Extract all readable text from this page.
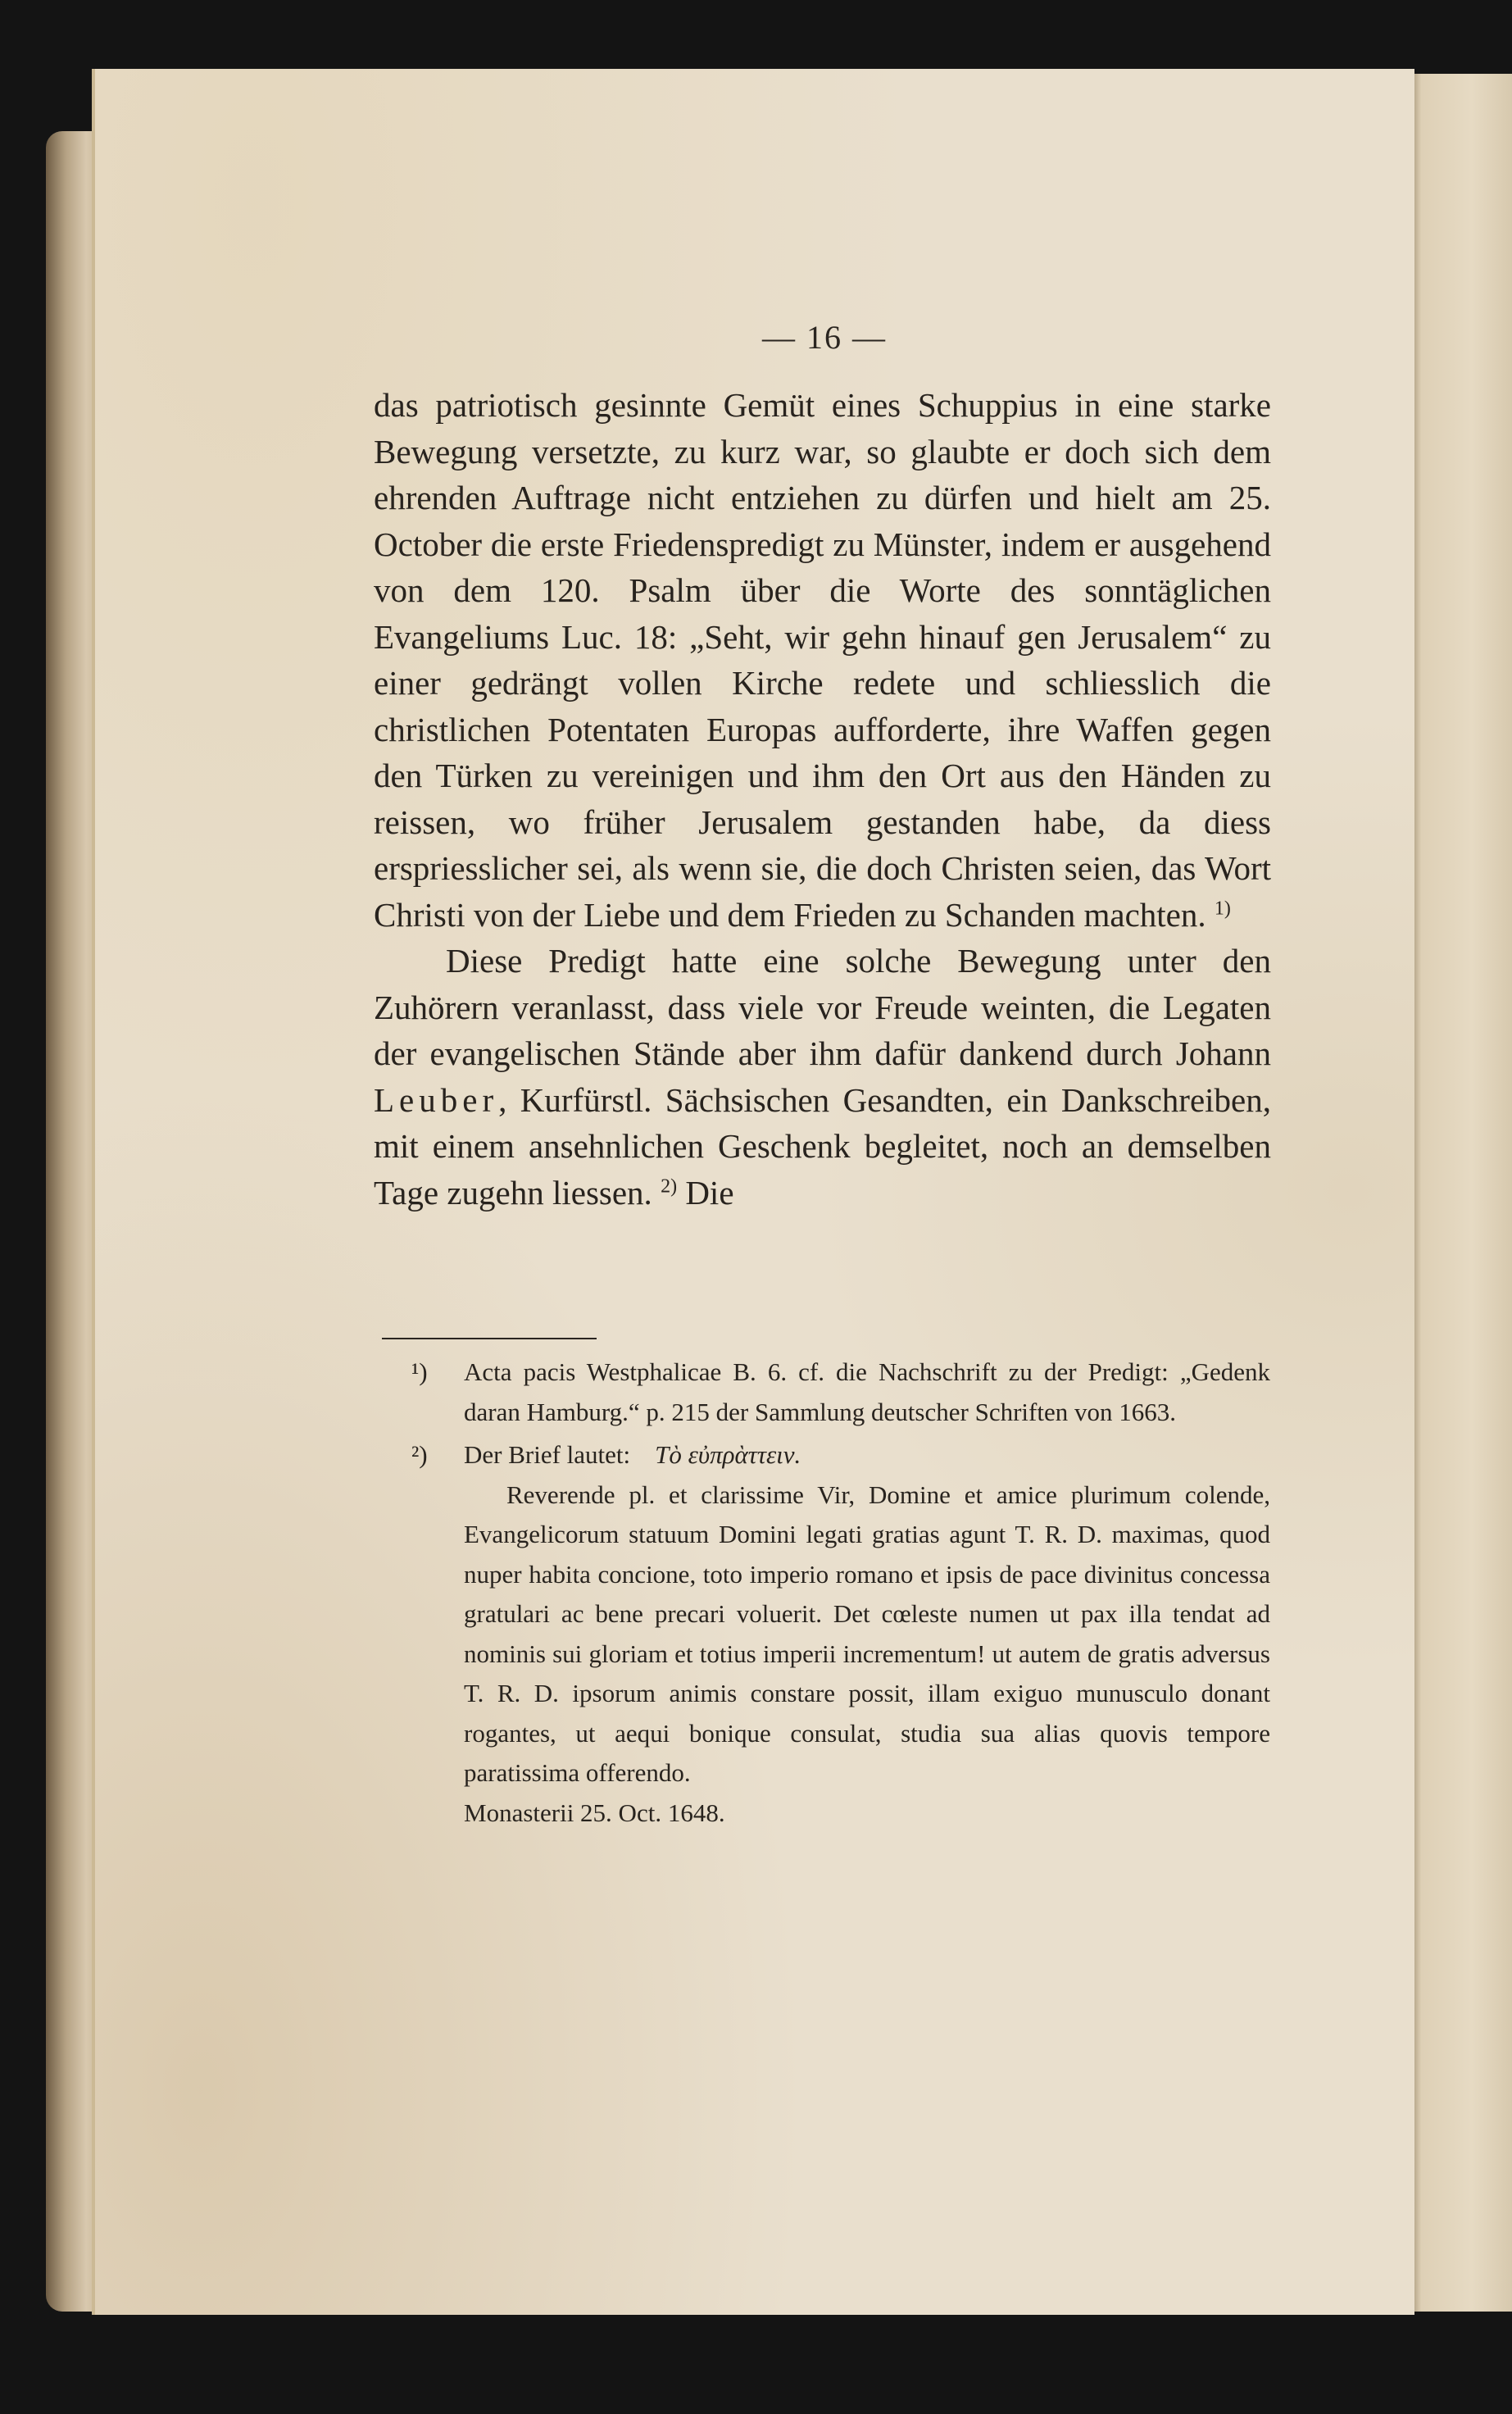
— 16 —

das patriotisch gesinnte Gemüt eines Schuppius in eine starke Bewegung versetzte, zu kurz war, so glaubte er doch sich dem ehrenden Auftrage nicht entziehen zu dürfen und hielt am 25. October die erste Friedenspredigt zu Münster, indem er ausgehend von dem 120. Psalm über die Worte des sonntäglichen Evangeliums Luc. 18: „Seht, wir gehn hinauf gen Jerusalem“ zu einer gedrängt vollen Kirche redete und schliesslich die christlichen Potentaten Europas aufforderte, ihre Waffen gegen den Türken zu vereinigen und ihm den Ort aus den Händen zu reissen, wo früher Jerusalem gestanden habe, da diess erspriesslicher sei, als wenn sie, die doch Christen seien, das Wort Christi von der Liebe und dem Frieden zu Schanden machten. $^{1)}$

Diese Predigt hatte eine solche Bewegung unter den Zuhörern veranlasst, dass viele vor Freude weinten, die Legaten der evangelischen Stände aber ihm dafür dankend durch Johann Leuber, Kurfürstl. Sächsischen Gesandten, ein Dankschreiben, mit einem ansehnlichen Geschenk begleitet, noch an demselben Tage zugehn liessen. $^{2)}$ Die

¹) Acta pacis Westphalicae B. 6. cf. die Nachschrift zu der Predigt: „Gedenk daran Hamburg.“ p. 215 der Sammlung deutscher Schriften von 1663.

²) Der Brief lautet: Τὸ εὐπρὰττειν.

Reverende pl. et clarissime Vir, Domine et amice plurimum colende, Evangelicorum statuum Domini legati gratias agunt T. R. D. maximas, quod nuper habita concione, toto imperio romano et ipsis de pace divinitus concessa gratulari ac bene precari voluerit. Det cœleste numen ut pax illa tendat ad nominis sui gloriam et totius imperii incrementum! ut autem de gratis adversus T. R. D. ipsorum animis constare possit, illam exiguo munusculo donant rogantes, ut aequi bonique consulat, studia sua alias quovis tempore paratissima offerendo.

Monasterii 25. Oct. 1648.
